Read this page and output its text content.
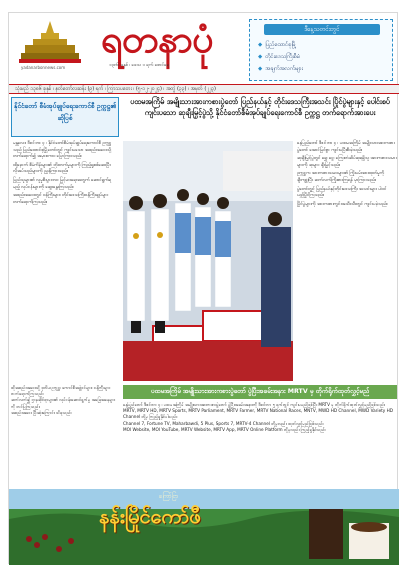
yadanarbonnews.com
ရတနာပုံ
၁၃၈၆ ခုနှစ် ၊ ဖေသ ၁ ရက် စောင်ရေ
ဒီနေ့သတင်းတွင်
◆ ပြည်ထောင်စုမြို့
◆ တိုင်းဒေသကြီးစီမံ
◆ အချက်အလက်များ
သုံးမည် ၁၃၈၆ ခုနှစ် ၊ နတ်တော်လဆန်း (၉) ရက် ၊ ကြာသပတေး ၊ (၅-၁၂-၂၀၂၄) ၊ အတွဲ (၃၃) ၊ အမှတ် (၂၂၃)
နိုင်ငံတော် စီမံအုပ်ချုပ်ရေးကောင်စီ ဥက္ကဋ္ဌ၏ ဆိုပြစ်

မန္တလေး၊ ဒီဇင်ဘာ ၄ ၊ နိုင်ငံတော်စီမံအုပ်ချုပ်ရေးကောင်စီ ဥက္ကဋ္ဌ သည် ပြည်ထောင်စုမြို့တော်တွင် ကျင်းပသော အစည်းအဝေးသို့ တက်ရောက်၍ အမှာစကား ပြောကြားသည်။

ထို့နောက် စီမံကိန်းများ၏ တိုးတက်မှုများကို ကြည့်ရှုစစ်ဆေးပြီး လိုအပ်သည်များကို ညွှန်ကြားသည်။

ပြည်သူများ၏ လူမှုစီးပွားဘဝ မြင့်မားရေးအတွက် ဆောင်ရွက်ရမည့် လုပ်ငန်းများကို ဆွေးနွေးကြသည်။

အစည်းအဝေးတွင် ဝန်ကြီးများ၊ တိုင်းဒေသကြီးဝန်ကြီးချုပ်များ တက်ရောက်ကြသည်။

ပထမအကြိမ် အမျိုးသားအားကစားပွဲတော် ပြည်နယ်နှင့် တိုင်းဒေသကြီးအသင်း ပြိုင်ပွဲများနှင့် ပေါင်းစပ်ကျင်းပသော ဆုချီးမြှင့်ပွဲသို့ နိုင်ငံတော်စီမံအုပ်ချုပ်ရေးကောင်စီ ဥက္ကဋ္ဌ တက်ရောက်အားပေး

နေပြည်တော် ဒီဇင်ဘာ ၄ ၊ ပထမအကြိမ် အမျိုးသားအားကစားပွဲတော် အောင်မြင်စွာ ကျင်းပပြီးစီးခဲ့သည်။

ဆုချီးမြှင့်ပွဲတွင် ရွှေ၊ ငွေ၊ ကြေးတံဆိပ်ဆုရရှိသူ အားကစားသမားများကို ဆုများ ချီးမြှင့်သည်။

ဥက္ကဋ္ဌက အားကစားသမားများ၏ ကြိုးပမ်းအားထုတ်မှုကို ချီးကျူးပြီး ဆက်လက်ကြိုးစားကြရန် မှာကြားသည်။

ပွဲတော်တွင် ပြည်နယ်နှင့်တိုင်းဒေသကြီး အသင်းများ ပါဝင်ယှဉ်ပြိုင်ကြသည်။

ပြိုင်ပွဲများကို အားကစားကွင်းအသီးသီးတွင် ကျင်းပခဲ့သည်။

ထိုအစည်းအဝေးသို့ ဒုတိယဥက္ကဋ္ဌ၊ ကောင်စီအဖွဲ့ဝင်များ၊ ဝန်ကြီးများ တက်ရောက်ကြသည်။

ဆက်လက်၍ ဌာနဆိုင်ရာများ၏ လုပ်ငန်းဆောင်ရွက်မှု အခြေအနေများကို တင်ပြကြသည်။

အစည်းအဝေး ပြီးဆုံးကြောင်း သိရသည်။

ပထမအကြိမ် အမျိုးသားအားကစားပွဲတော် ပွဲပြီးအခမ်းအနား MRTV မှ တိုက်ရိုက်ထုတ်လွှင့်မည်

နေပြည်တော် ဒီဇင်ဘာ ၄ ၊ ပထမအကြိမ် အမျိုးသားအားကစားပွဲတော် ပွဲပြီးအခမ်းအနားကို ဒီဇင်ဘာ ၅ ရက်တွင် ကျင်းပမည်ဖြစ်ပြီး MRTV မှ တိုက်ရိုက်ထုတ်လွှင့်မည်ဖြစ်သည်။

MRTV, MRTV HD, MRTV Sports, MRTV Parliament, MRTV Farmer, MRTV National Races, MNTV, MWD HD Channel, MWD Variety HD Channel တို့မှ ကြည့်ရှုနိုင်ပါသည်။

Channel 7, Fortune TV, Maharbawdi, 5 Plus, Sports 7, MRTV-4 Channel တို့မှလည်း ထုတ်လွှင့်မည်ဖြစ်သည်။

MOI Website, MOI YouTube, MRTV Website, MRTV App, MRTV Online Platform တို့မှလည်း ကြည့်ရှုနိုင်သည်။

ကြော်ငြာ
နန်းမြိုင်ကော်ဖီ
